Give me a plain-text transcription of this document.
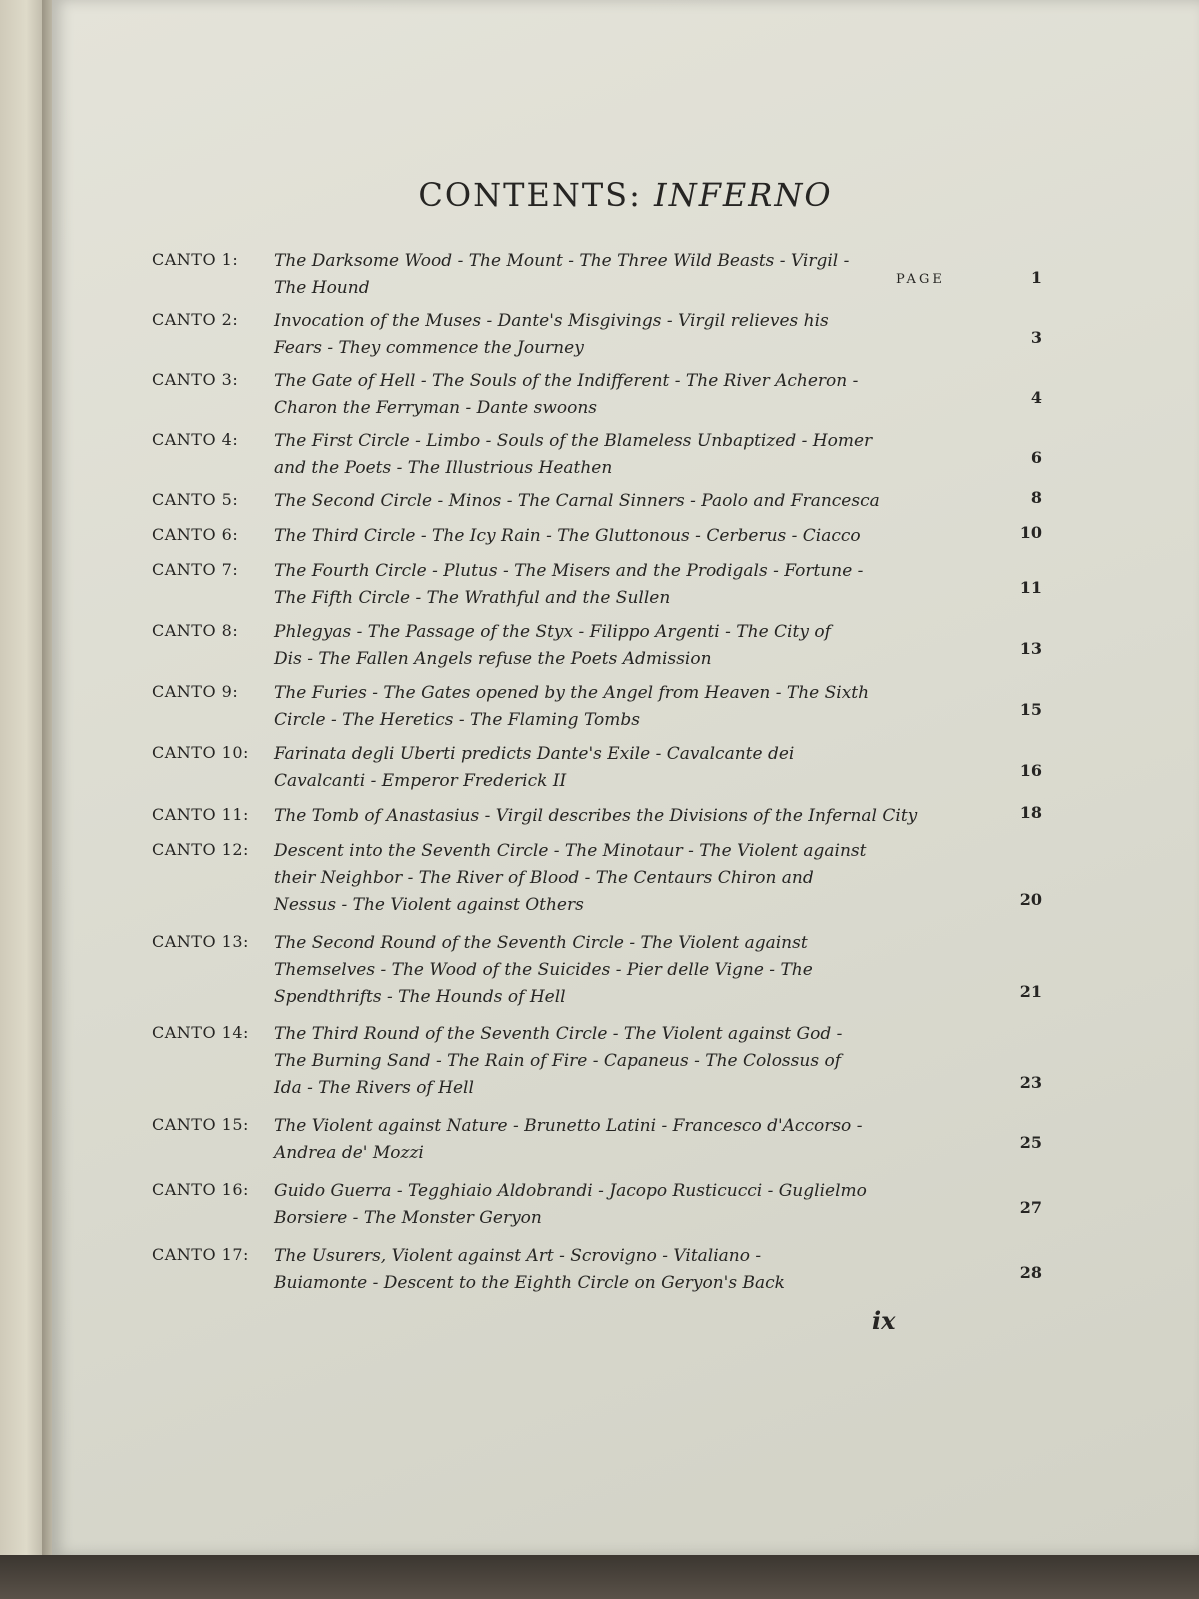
CONTENTS: INFERNO
PAGE
CANTO 1: The Darksome Wood - The Mount - The Three Wild Beasts - Virgil - The Hound
1
CANTO 2: Invocation of the Muses - Dante's Misgivings - Virgil relieves his Fears - They commence the Journey
3
CANTO 3: The Gate of Hell - The Souls of the Indifferent - The River Acheron - Charon the Ferryman - Dante swoons
4
CANTO 4: The First Circle - Limbo - Souls of the Blameless Unbaptized - Homer and the Poets - The Illustrious Heathen
6
CANTO 5: The Second Circle - Minos - The Carnal Sinners - Paolo and Francesca	8
CANTO 6: The Third Circle - The Icy Rain - The Gluttonous - Cerberus - Ciacco	10
CANTO 7: The Fourth Circle - Plutus - The Misers and the Prodigals - Fortune - The Fifth Circle - The Wrathful and the Sullen
11
CANTO 8: Phlegyas - The Passage of the Styx - Filippo Argenti - The City of Dis - The Fallen Angels refuse the Poets Admission
13
CANTO 9: The Furies - The Gates opened by the Angel from Heaven - The Sixth Circle - The Heretics - The Flaming Tombs
15
CANTO 10: Farinata degli Uberti predicts Dante's Exile - Cavalcante dei Cavalcanti - Emperor Frederick II
16
CANTO 11: The Tomb of Anastasius - Virgil describes the Divisions of the Infernal City	18
CANTO 12: Descent into the Seventh Circle - The Minotaur - The Violent against their Neighbor - The River of Blood - The Centaurs Chiron and Nessus - The Violent against Others	20
CANTO 13: The Second Round of the Seventh Circle - The Violent against Themselves - The Wood of the Suicides - Pier delle Vigne - The Spendthrifts - The Hounds of Hell	21
CANTO 14: The Third Round of the Seventh Circle - The Violent against God - The Burning Sand - The Rain of Fire - Capaneus - The Colossus of Ida - The Rivers of Hell	23
CANTO 15: The Violent against Nature - Brunetto Latini - Francesco d'Accorso - Andrea de' Mozzi
25
CANTO 16: Guido Guerra - Tegghiaio Aldobrandi - Jacopo Rusticucci - Guglielmo Borsiere - The Monster Geryon
27
CANTO 17: The Usurers, Violent against Art - Scrovigno - Vitaliano - Buiamonte - Descent to the Eighth Circle on Geryon's Back
28
ix
